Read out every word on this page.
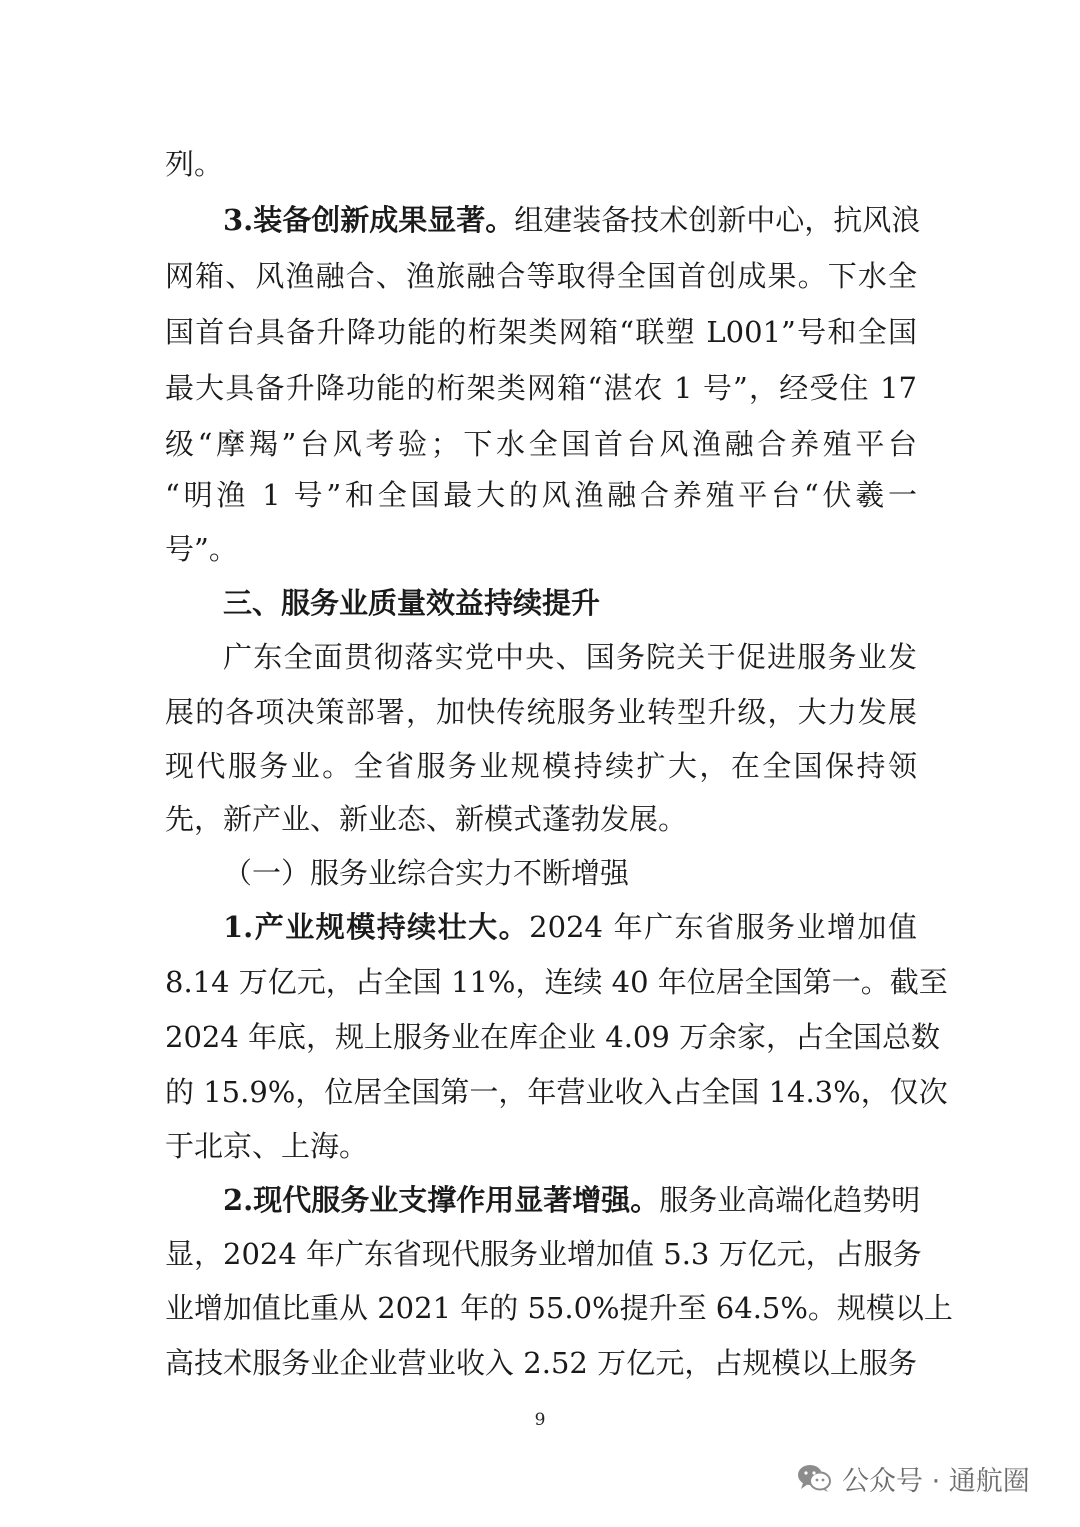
列。
3.装备创新成果显著。组建装备技术创新中心，抗风浪
网箱、风渔融合、渔旅融合等取得全国首创成果。下水全
国首台具备升降功能的桁架类网箱“联塑 L001”号和全国
最大具备升降功能的桁架类网箱“湛农 1 号”，经受住 17
级“摩羯”台风考验；下水全国首台风渔融合养殖平台
“明渔 1 号”和全国最大的风渔融合养殖平台“伏羲一
号”。
三、服务业质量效益持续提升
广东全面贯彻落实党中央、国务院关于促进服务业发
展的各项决策部署，加快传统服务业转型升级，大力发展
现代服务业。全省服务业规模持续扩大，在全国保持领
先，新产业、新业态、新模式蓬勃发展。
（一）服务业综合实力不断增强
1.产业规模持续壮大。2024 年广东省服务业增加值
8.14 万亿元，占全国 11%，连续 40 年位居全国第一。截至
2024 年底，规上服务业在库企业 4.09 万余家，占全国总数
的 15.9%，位居全国第一，年营业收入占全国 14.3%，仅次
于北京、上海。
2.现代服务业支撑作用显著增强。服务业高端化趋势明
显，2024 年广东省现代服务业增加值 5.3 万亿元，占服务
业增加值比重从 2021 年的 55.0%提升至 64.5%。规模以上
高技术服务业企业营业收入 2.52 万亿元，占规模以上服务
9
公众号 · 通航圈
